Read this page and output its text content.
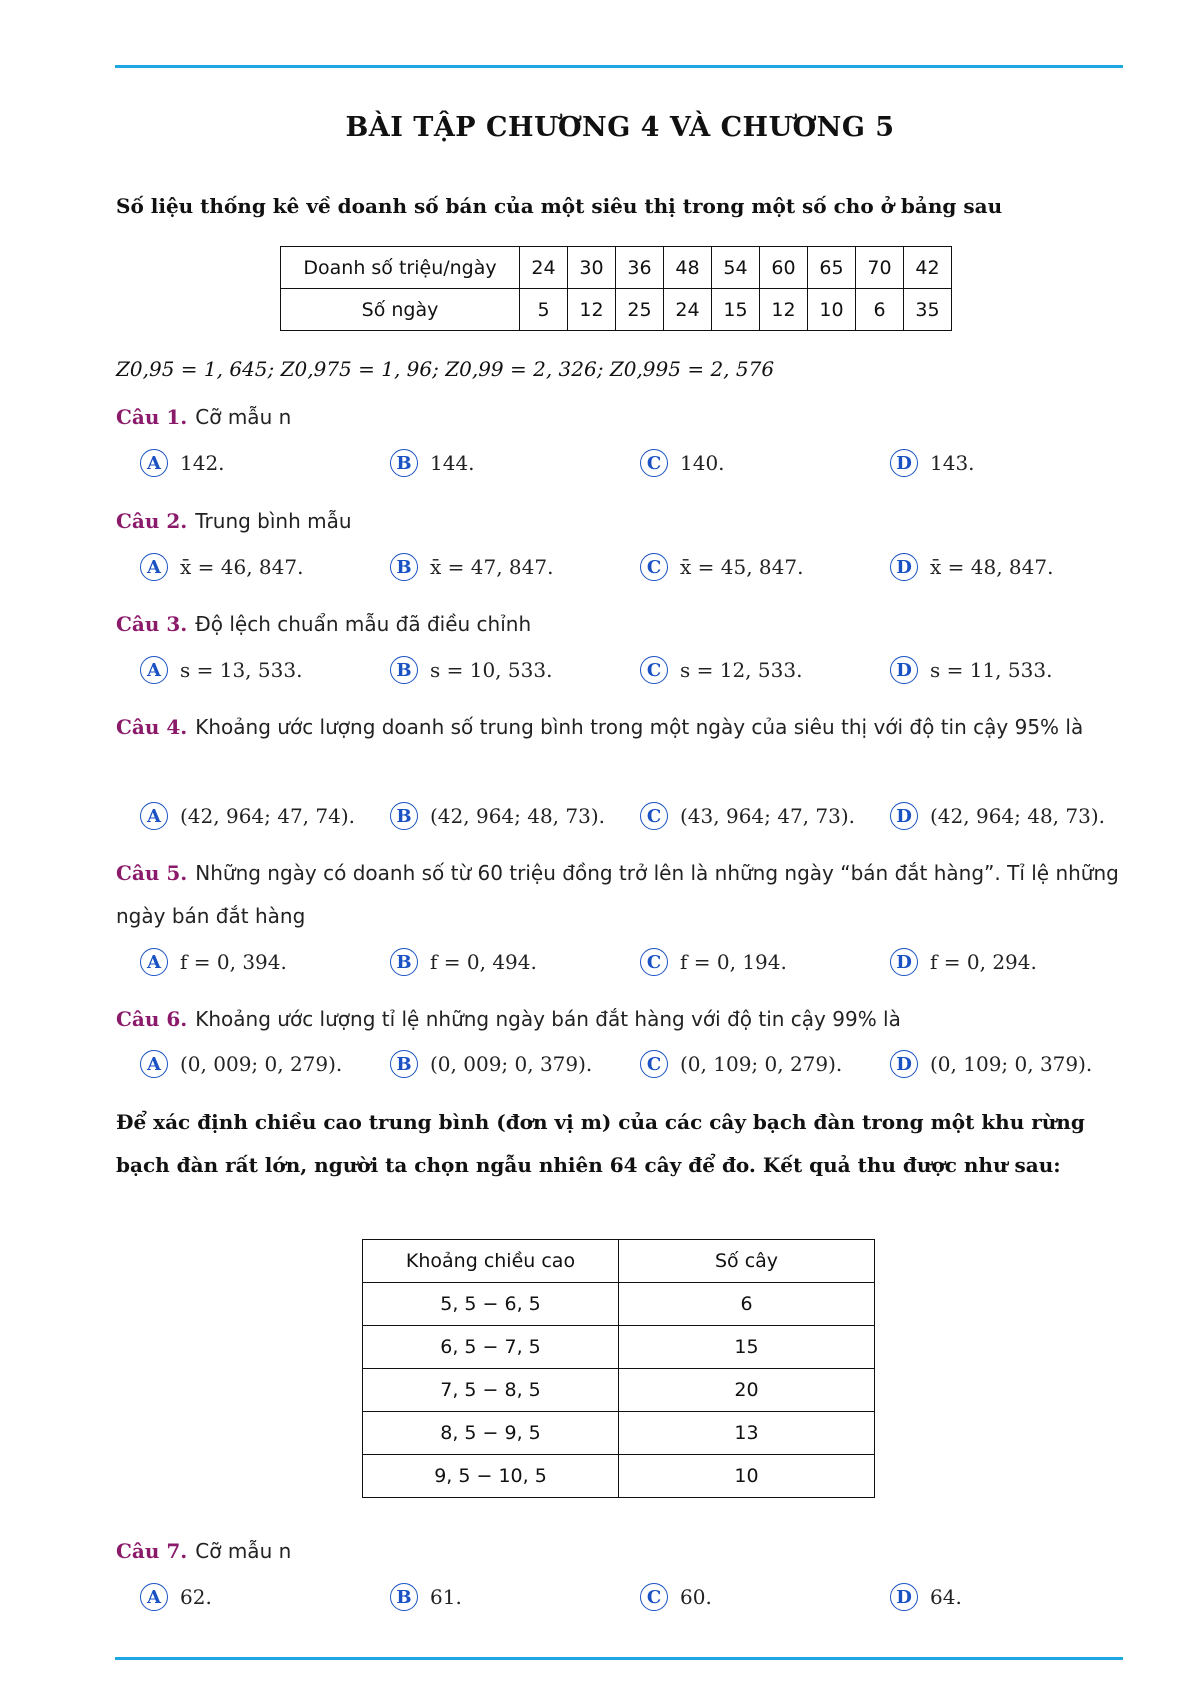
BÀI TẬP CHƯƠNG 4 VÀ CHƯƠNG 5
Số liệu thống kê về doanh số bán của một siêu thị trong một số cho ở bảng sau
Doanh số triệu/ngày	24	30	36	48	54	60	65	70	42
Số ngày	5	12	25	24	15	12	10	6	35
Z0,95 = 1, 645; Z0,975 = 1, 96; Z0,99 = 2, 326; Z0,995 = 2, 576
Câu 1. Cỡ mẫu n
A 142.	B 144.	C 140.	D 143.
Câu 2. Trung bình mẫu
A x̄ = 46, 847.	B x̄ = 47, 847.	C x̄ = 45, 847.	D x̄ = 48, 847.
Câu 3. Độ lệch chuẩn mẫu đã điều chỉnh
A s = 13, 533.	B s = 10, 533.	C s = 12, 533.	D s = 11, 533.
Câu 4. Khoảng ước lượng doanh số trung bình trong một ngày của siêu thị với độ tin cậy 95% là
A (42, 964; 47, 74).	B (42, 964; 48, 73).	C (43, 964; 47, 73).	D (42, 964; 48, 73).
Câu 5. Những ngày có doanh số từ 60 triệu đồng trở lên là những ngày “bán đắt hàng”. Tỉ lệ những ngày bán đắt hàng
A f = 0, 394.	B f = 0, 494.	C f = 0, 194.	D f = 0, 294.
Câu 6. Khoảng ước lượng tỉ lệ những ngày bán đắt hàng với độ tin cậy 99% là
A (0, 009; 0, 279).	B (0, 009; 0, 379).	C (0, 109; 0, 279).	D (0, 109; 0, 379).
Để xác định chiều cao trung bình (đơn vị m) của các cây bạch đàn trong một khu rừng bạch đàn rất lớn, người ta chọn ngẫu nhiên 64 cây để đo. Kết quả thu được như sau:
Khoảng chiều cao	Số cây
5, 5 − 6, 5	6
6, 5 − 7, 5	15
7, 5 − 8, 5	20
8, 5 − 9, 5	13
9, 5 − 10, 5	10
Câu 7. Cỡ mẫu n
A 62.	B 61.	C 60.	D 64.
